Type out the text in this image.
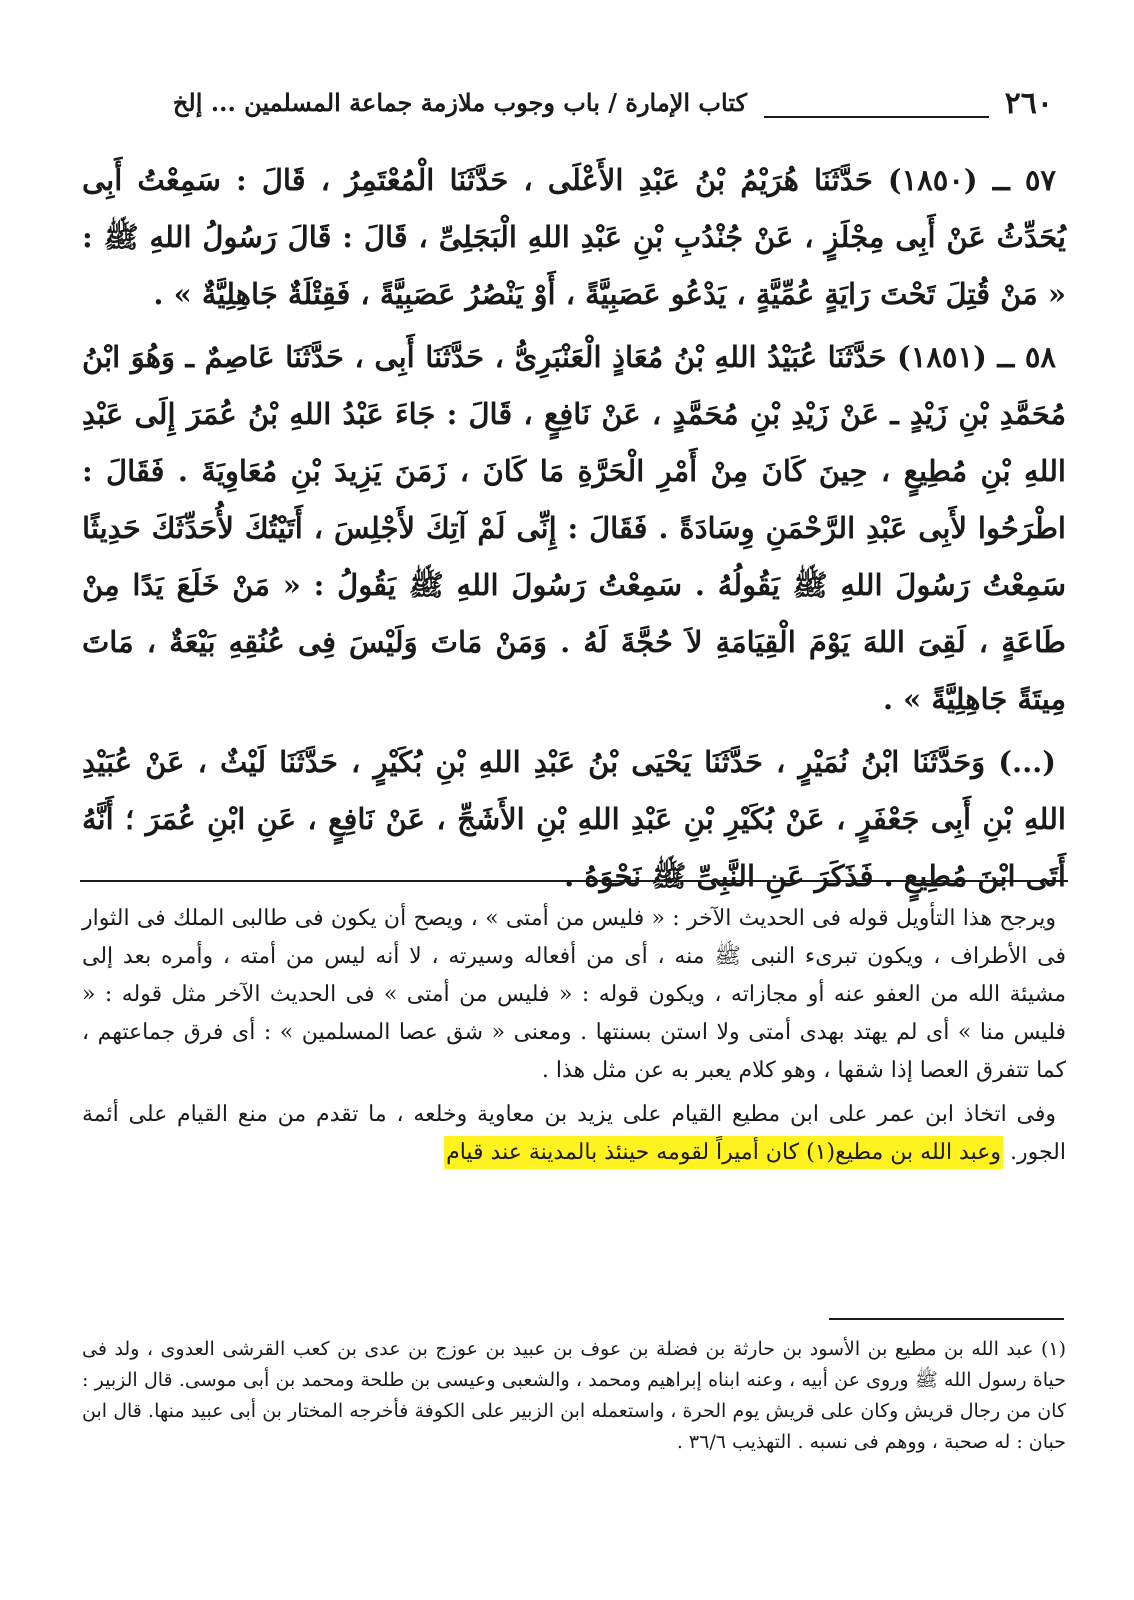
٢٦٠
كتاب الإمارة / باب وجوب ملازمة جماعة المسلمين ... إلخ

٥٧ ــ (١٨٥٠) حَدَّثَنَا هُرَيْمُ بْنُ عَبْدِ الأَعْلَى ، حَدَّثَنَا الْمُعْتَمِرُ ، قَالَ : سَمِعْتُ أَبِى يُحَدِّثُ عَنْ أَبِى مِجْلَزٍ ، عَنْ جُنْدُبِ بْنِ عَبْدِ اللهِ الْبَجَلِىِّ ، قَالَ : قَالَ رَسُولُ اللهِ ﷺ : « مَنْ قُتِلَ تَحْتَ رَايَةٍ عُمِّيَّةٍ ، يَدْعُو عَصَبِيَّةً ، أَوْ يَنْصُرُ عَصَبِيَّةً ، فَقِتْلَةٌ جَاهِلِيَّةٌ » .

٥٨ ــ (١٨٥١) حَدَّثَنَا عُبَيْدُ اللهِ بْنُ مُعَاذٍ الْعَنْبَرِىُّ ، حَدَّثَنَا أَبِى ، حَدَّثَنَا عَاصِمٌ ـ وَهُوَ ابْنُ مُحَمَّدِ بْنِ زَيْدٍ ـ عَنْ زَيْدِ بْنِ مُحَمَّدٍ ، عَنْ نَافِعٍ ، قَالَ : جَاءَ عَبْدُ اللهِ بْنُ عُمَرَ إِلَى عَبْدِ اللهِ بْنِ مُطِيعٍ ، حِينَ كَانَ مِنْ أَمْرِ الْحَرَّةِ مَا كَانَ ، زَمَنَ يَزِيدَ بْنِ مُعَاوِيَةَ . فَقَالَ : اطْرَحُوا لأَبِى عَبْدِ الرَّحْمَنِ وِسَادَةً . فَقَالَ : إِنِّى لَمْ آتِكَ لأَجْلِسَ ، أَتَيْتُكَ لأُحَدِّثَكَ حَدِيثًا سَمِعْتُ رَسُولَ اللهِ ﷺ يَقُولُهُ . سَمِعْتُ رَسُولَ اللهِ ﷺ يَقُولُ : « مَنْ خَلَعَ يَدًا مِنْ طَاعَةٍ ، لَقِىَ اللهَ يَوْمَ الْقِيَامَةِ لاَ حُجَّةَ لَهُ . وَمَنْ مَاتَ وَلَيْسَ فِى عُنُقِهِ بَيْعَةٌ ، مَاتَ مِيتَةً جَاهِلِيَّةً » .

(...) وَحَدَّثَنَا ابْنُ نُمَيْرٍ ، حَدَّثَنَا يَحْيَى بْنُ عَبْدِ اللهِ بْنِ بُكَيْرٍ ، حَدَّثَنَا لَيْثٌ ، عَنْ عُبَيْدِ اللهِ بْنِ أَبِى جَعْفَرٍ ، عَنْ بُكَيْرِ بْنِ عَبْدِ اللهِ بْنِ الأَشَجِّ ، عَنْ نَافِعٍ ، عَنِ ابْنِ عُمَرَ ؛ أَنَّهُ أَتَى ابْنَ مُطِيعٍ . فَذَكَرَ عَنِ النَّبِىِّ ﷺ نَحْوَهُ .

ويرجح هذا التأويل قوله فى الحديث الآخر : « فليس من أمتى » ، ويصح أن يكون فى طالبى الملك فى الثوار فى الأطراف ، ويكون تبرىء النبى ﷺ منه ، أى من أفعاله وسيرته ، لا أنه ليس من أمته ، وأمره بعد إلى مشيئة الله من العفو عنه أو مجازاته ، ويكون قوله : « فليس من أمتى » فى الحديث الآخر مثل قوله : « فليس منا » أى لم يهتد بهدى أمتى ولا استن بسنتها . ومعنى « شق عصا المسلمين » : أى فرق جماعتهم ، كما تتفرق العصا إذا شقها ، وهو كلام يعبر به عن مثل هذا .

وفى اتخاذ ابن عمر على ابن مطيع القيام على يزيد بن معاوية وخلعه ، ما تقدم من منع القيام على أئمة الجور. وعبد الله بن مطيع(١) كان أميراً لقومه حينئذ بالمدينة عند قيام

(١) عبد الله بن مطيع بن الأسود بن حارثة بن فضلة بن عوف بن عبيد بن عوزج بن عدى بن كعب القرشى العدوى ، ولد فى حياة رسول الله ﷺ وروى عن أبيه ، وعنه ابناه إبراهيم ومحمد ، والشعبى وعيسى بن طلحة ومحمد بن أبى موسى. قال الزبير : كان من رجال قريش وكان على قريش يوم الحرة ، واستعمله ابن الزبير على الكوفة فأخرجه المختار بن أبى عبيد منها. قال ابن حبان : له صحبة ، ووهم فى نسبه . التهذيب ٣٦/٦ .
